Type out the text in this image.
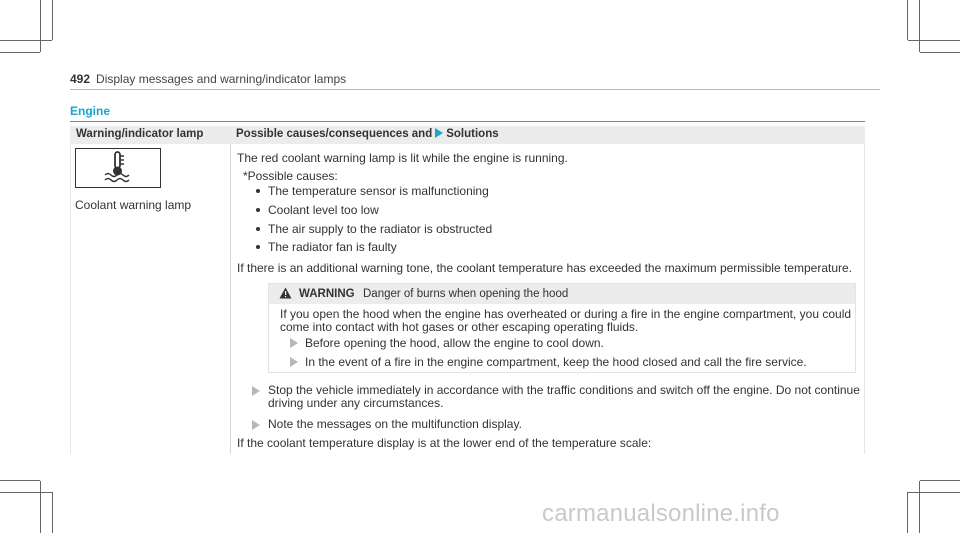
492 Display messages and warning/indicator lamps
Engine
Warning/indicator lamp	Possible causes/consequences and Solutions
Coolant warning lamp
The red coolant warning lamp is lit while the engine is running.
*Possible causes:
The temperature sensor is malfunctioning
Coolant level too low
The air supply to the radiator is obstructed
The radiator fan is faulty
If there is an additional warning tone, the coolant temperature has exceeded the maximum permissible temperature.
WARNING Danger of burns when opening the hood
If you open the hood when the engine has overheated or during a fire in the engine compartment, you could
come into contact with hot gases or other escaping operating fluids.
Before opening the hood, allow the engine to cool down.
In the event of a fire in the engine compartment, keep the hood closed and call the fire service.
Stop the vehicle immediately in accordance with the traffic conditions and switch off the engine. Do not continue
driving under any circumstances.
Note the messages on the multifunction display.
If the coolant temperature display is at the lower end of the temperature scale:
carmanualsonline.info
